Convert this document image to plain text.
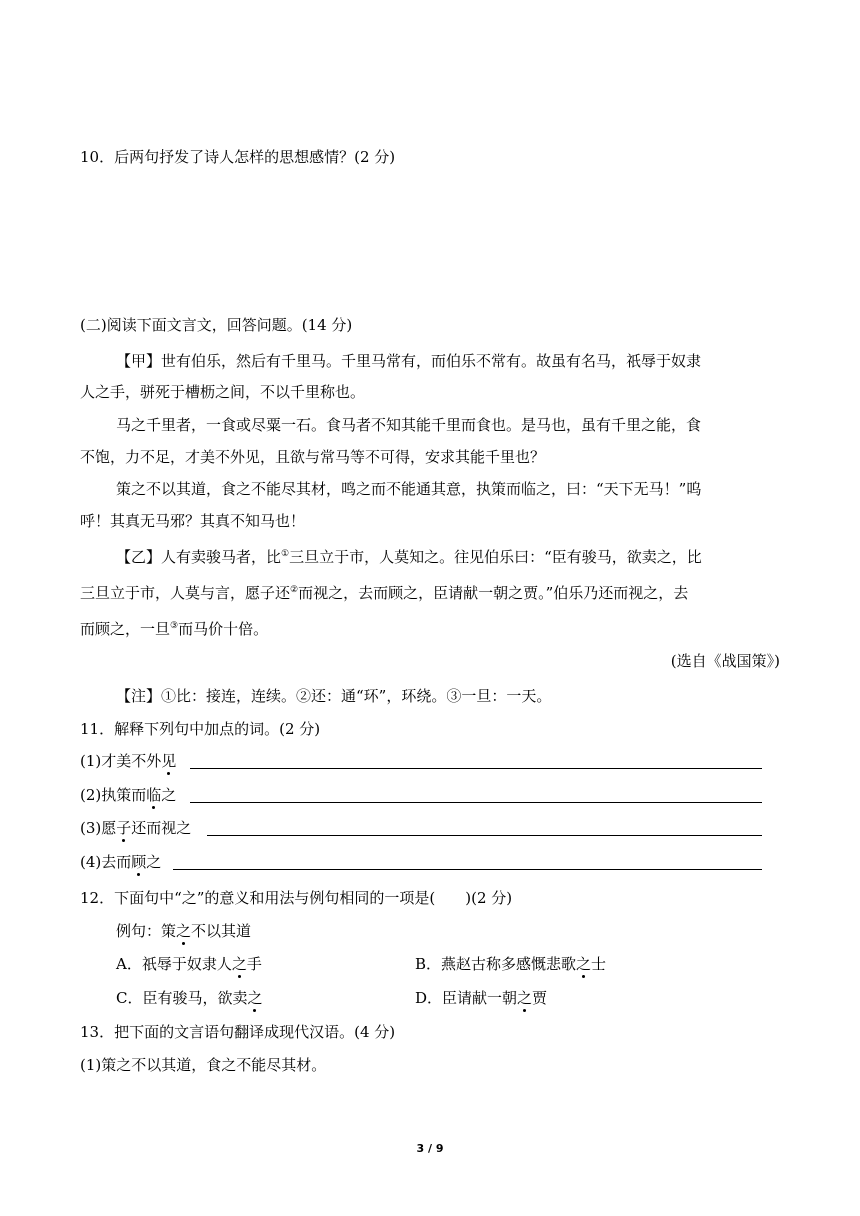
10．后两句抒发了诗人怎样的思想感情？(2 分)
(二)阅读下面文言文，回答问题。(14 分)
【甲】世有伯乐，然后有千里马。千里马常有，而伯乐不常有。故虽有名马，祇辱于奴隶
人之手，骈死于槽枥之间，不以千里称也。
马之千里者，一食或尽粟一石。食马者不知其能千里而食也。是马也，虽有千里之能，食
不饱，力不足，才美不外见，且欲与常马等不可得，安求其能千里也？
策之不以其道，食之不能尽其材，鸣之而不能通其意，执策而临之，曰：“天下无马！”呜
呼！其真无马邪？其真不知马也！
【乙】人有卖骏马者，比①三旦立于市，人莫知之。往见伯乐曰：“臣有骏马，欲卖之，比
三旦立于市，人莫与言，愿子还②而视之，去而顾之，臣请献一朝之贾。”伯乐乃还而视之，去
而顾之，一旦③而马价十倍。
(选自《战国策》)
【注】①比：接连，连续。②还：通“环”，环绕。③一旦：一天。
11．解释下列句中加点的词。(2 分)
(1)才美不外见
(2)执策而临之
(3)愿子还而视之
(4)去而顾之
12．下面句中“之”的意义和用法与例句相同的一项是(　　)(2 分)
例句：策之不以其道
A．祇辱于奴隶人之手	B．燕赵古称多感慨悲歌之士
C．臣有骏马，欲卖之	D．臣请献一朝之贾
13．把下面的文言语句翻译成现代汉语。(4 分)
(1)策之不以其道，食之不能尽其材。
3 / 9
